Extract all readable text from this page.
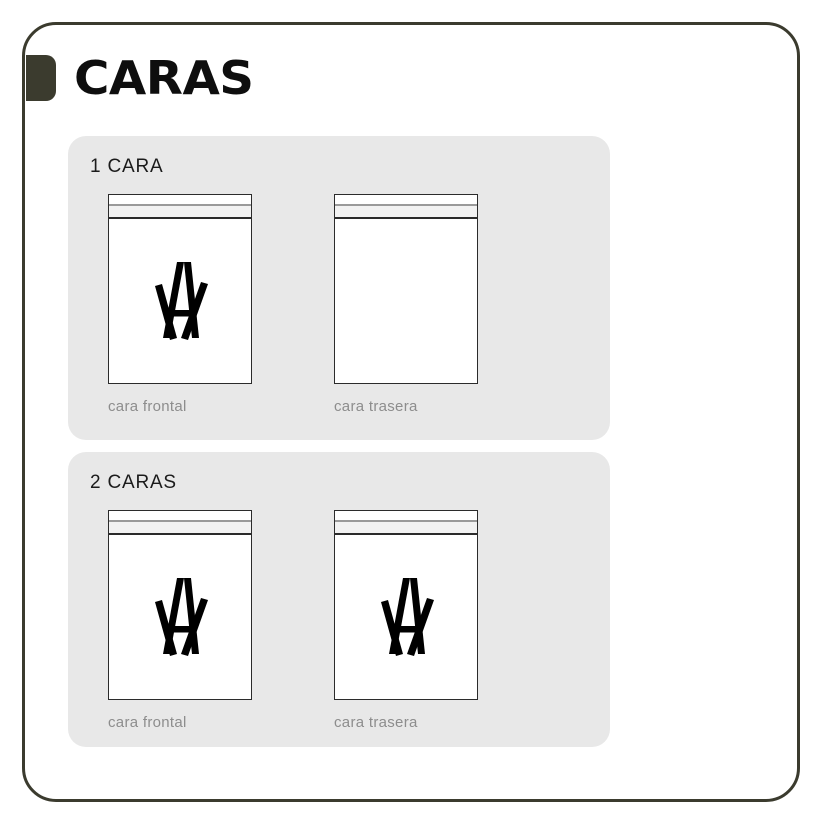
CARAS
1 CARA
cara frontal	cara trasera
2 CARAS
cara frontal	cara trasera
